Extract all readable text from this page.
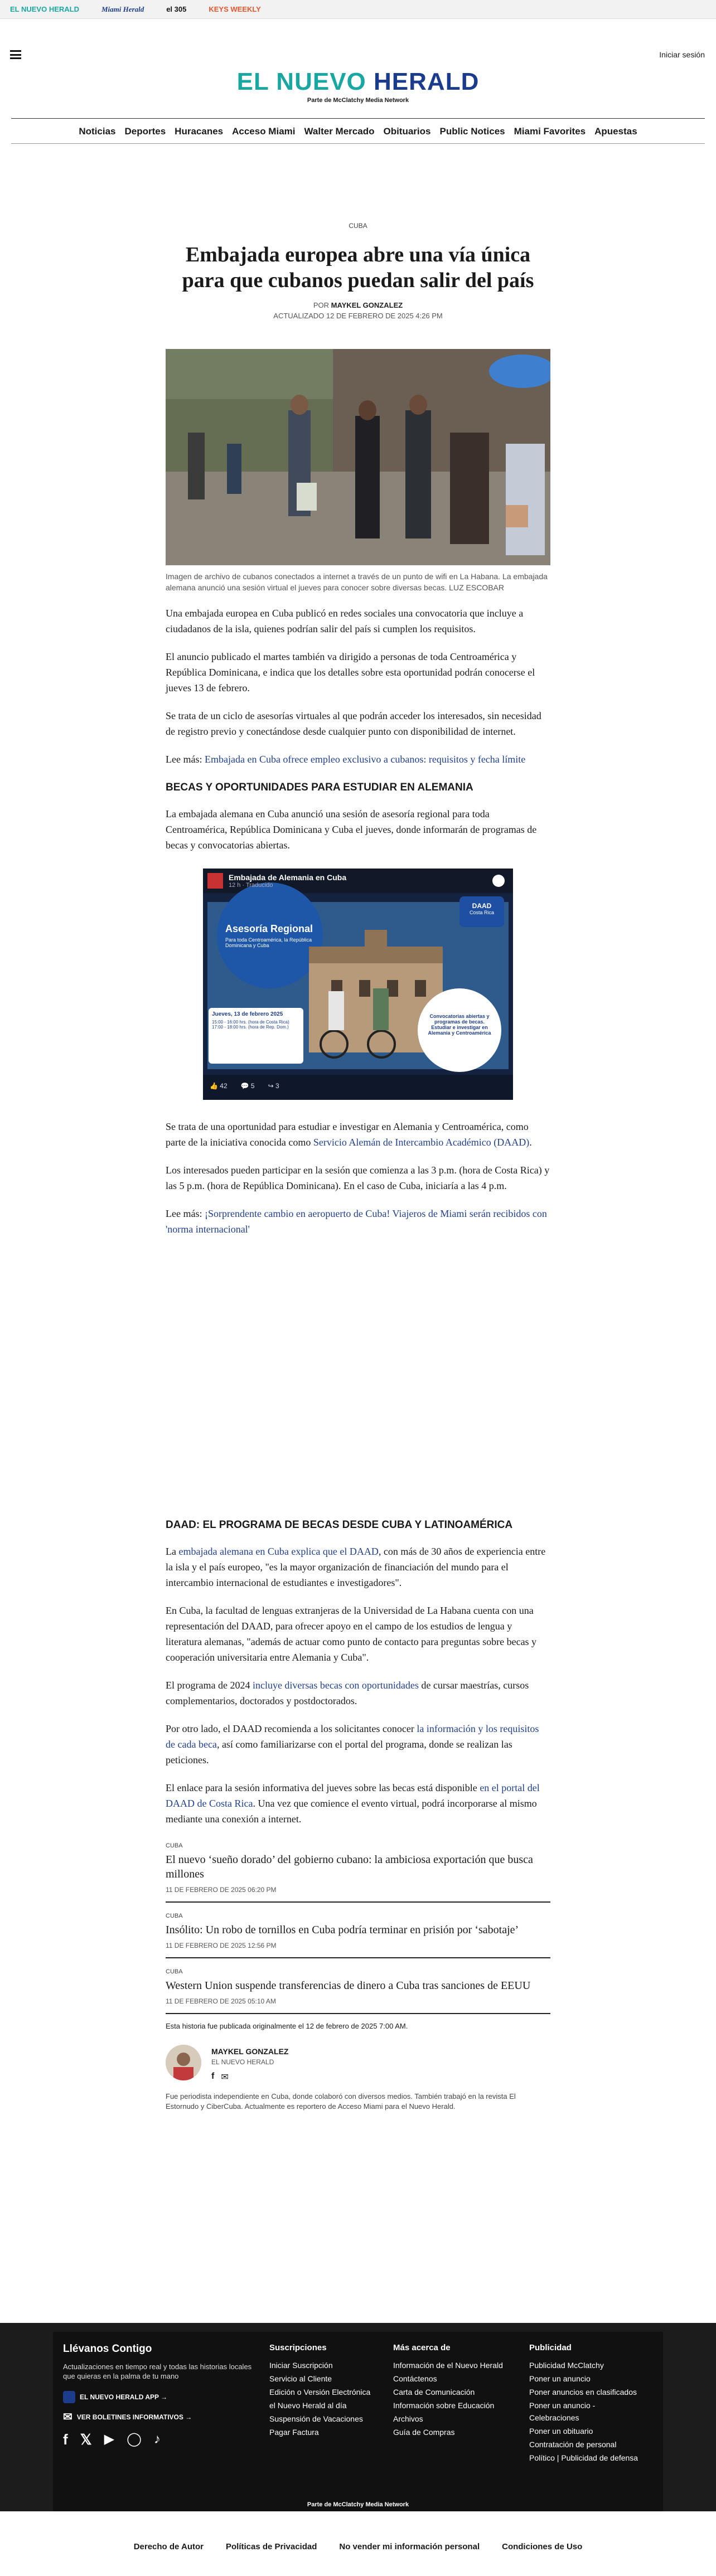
EL NUEVO HERALD	Miami Herald	el 305	KEYS WEEKLY
Iniciar sesión
EL NUEVO HERALD
Parte de McClatchy Media Network
Noticias Deportes Huracanes Acceso Miami Walter Mercado Obituarios Public Notices Miami Favorites Apuestas
CUBA
Embajada europea abre una vía única para que cubanos puedan salir del país
POR MAYKEL GONZALEZ
ACTUALIZADO 12 DE FEBRERO DE 2025 4:26 PM
Imagen de archivo de cubanos conectados a internet a través de un punto de wifi en La Habana. La embajada alemana anunció una sesión virtual el jueves para conocer sobre diversas becas. LUZ ESCOBAR

Una embajada europea en Cuba publicó en redes sociales una convocatoria que incluye a ciudadanos de la isla, quienes podrían salir del país si cumplen los requisitos.

El anuncio publicado el martes también va dirigido a personas de toda Centroamérica y República Dominicana, e indica que los detalles sobre esta oportunidad podrán conocerse el jueves 13 de febrero.

Se trata de un ciclo de asesorías virtuales al que podrán acceder los interesados, sin necesidad de registro previo y conectándose desde cualquier punto con disponibilidad de internet.

Lee más: Embajada en Cuba ofrece empleo exclusivo a cubanos: requisitos y fecha límite

BECAS Y OPORTUNIDADES PARA ESTUDIAR EN ALEMANIA

La embajada alemana en Cuba anunció una sesión de asesoría regional para toda Centroamérica, República Dominicana y Cuba el jueves, donde informarán de programas de becas y convocatorias abiertas.

Embajada de Alemania en Cuba
12 h · Traducido
DAAD
Costa Rica
Asesoría Regional
Para toda Centroamérica, la República Dominicana y Cuba
Jueves, 13 de febrero 2025
15:00 - 16:00 hrs. (hora de Costa Rica)
17:00 - 18:00 hrs. (hora de Rep. Dom.)
Convocatorias abiertas y programas de becas. Estudiar e investigar en Alemania y Centroamérica
👍 42 💬 5 ↪ 3

Se trata de una oportunidad para estudiar e investigar en Alemania y Centroamérica, como parte de la iniciativa conocida como Servicio Alemán de Intercambio Académico (DAAD).

Los interesados pueden participar en la sesión que comienza a las 3 p.m. (hora de Costa Rica) y las 5 p.m. (hora de República Dominicana). En el caso de Cuba, iniciaría a las 4 p.m.

Lee más: ¡Sorprendente cambio en aeropuerto de Cuba! Viajeros de Miami serán recibidos con 'norma internacional'

DAAD: EL PROGRAMA DE BECAS DESDE CUBA Y LATINOAMÉRICA

La embajada alemana en Cuba explica que el DAAD, con más de 30 años de experiencia entre la isla y el país europeo, "es la mayor organización de financiación del mundo para el intercambio internacional de estudiantes e investigadores".

En Cuba, la facultad de lenguas extranjeras de la Universidad de La Habana cuenta con una representación del DAAD, para ofrecer apoyo en el campo de los estudios de lengua y literatura alemanas, "además de actuar como punto de contacto para preguntas sobre becas y cooperación universitaria entre Alemania y Cuba".

El programa de 2024 incluye diversas becas con oportunidades de cursar maestrías, cursos complementarios, doctorados y postdoctorados.

Por otro lado, el DAAD recomienda a los solicitantes conocer la información y los requisitos de cada beca, así como familiarizarse con el portal del programa, donde se realizan las peticiones.

El enlace para la sesión informativa del jueves sobre las becas está disponible en el portal del DAAD de Costa Rica. Una vez que comience el evento virtual, podrá incorporarse al mismo mediante una conexión a internet.

CUBA
El nuevo ‘sueño dorado’ del gobierno cubano: la ambiciosa exportación que busca millones
11 DE FEBRERO DE 2025 06:20 PM
CUBA
Insólito: Un robo de tornillos en Cuba podría terminar en prisión por ‘sabotaje’
11 DE FEBRERO DE 2025 12:56 PM
CUBA
Western Union suspende transferencias de dinero a Cuba tras sanciones de EEUU
11 DE FEBRERO DE 2025 05:10 AM
Esta historia fue publicada originalmente el 12 de febrero de 2025 7:00 AM.
MAYKEL GONZALEZ
EL NUEVO HERALD
f ✉
Fue periodista independiente en Cuba, donde colaboró con diversos medios. También trabajó en la revista El Estornudo y CiberCuba. Actualmente es reportero de Acceso Miami para el Nuevo Herald.
Llévanos Contigo
Actualizaciones en tiempo real y todas las historias locales que quieras en la palma de tu mano
EL NUEVO HERALD APP →
✉ VER BOLETINES INFORMATIVOS →
f 𝕏 ▶ ◯ ♪
Suscripciones
Iniciar Suscripción
Servicio al Cliente
Edición o Versión Electrónica
el Nuevo Herald al día
Suspensión de Vacaciones
Pagar Factura
Más acerca de
Información de el Nuevo Herald
Contáctenos
Carta de Comunicación
Información sobre Educación
Archivos
Guía de Compras
Publicidad
Publicidad McClatchy
Poner un anuncio
Poner anuncios en clasificados
Poner un anuncio - Celebraciones
Poner un obituario
Contratación de personal
Político | Publicidad de defensa
Parte de McClatchy Media Network
Derecho de Autor	Políticas de Privacidad	No vender mi información personal	Condiciones de Uso
